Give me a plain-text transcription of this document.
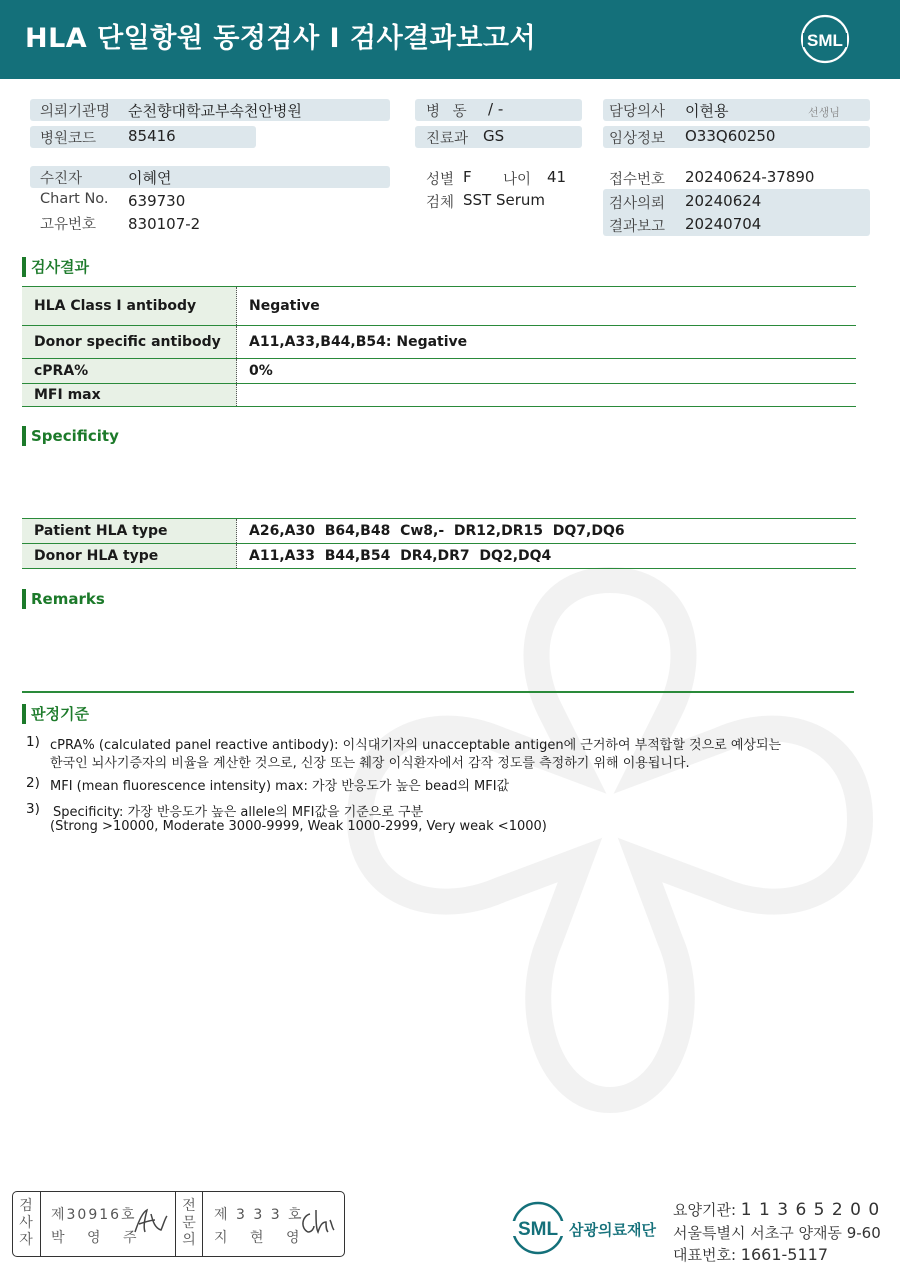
HLA 단일항원 동정검사 I 검사결과보고서	SML
의뢰기관명 순천향대학교부속천안병원
병원코드 85416
병 동 / -
진료과 GS
담당의사 이현용	선생님
임상정보 O33Q60250
수진자	이혜연
Chart No. 639730
고유번호 830107-2
성별 F 나이 41
검체 SST Serum
접수번호 20240624-37890
검사의뢰 20240624
결과보고 20240704
검사결과
HLA Class I antibody	Negative
Donor specific antibody	A11,A33,B44,B54: Negative
cPRA%	0%
MFI max
Specificity
Patient HLA type	A26,A30  B64,B48  Cw8,-  DR12,DR15  DQ7,DQ6
Donor HLA type	A11,A33  B44,B54  DR4,DR7  DQ2,DQ4
Remarks
판정기준
1) cPRA% (calculated panel reactive antibody): 이식대기자의 unacceptable antigen에 근거하여 부적합할 것으로 예상되는
한국인 뇌사기증자의 비율을 계산한 것으로, 신장 또는 췌장 이식환자에서 감작 정도를 측정하기 위해 이용됩니다.
2) MFI (mean fluorescence intensity) max: 가장 반응도가 높은 bead의 MFI값
3) Specificity: 가장 반응도가 높은 allele의 MFI값을 기준으로 구분
(Strong >10000, Moderate 3000-9999, Weak 1000-2999, Very weak <1000)
검사자
제30916호
박 영 주
전문의
제 3 3 3 호
지 현 영	SML 삼광의료재단
요양기관: 1 1 3 6 5 2 0 0
서울특별시 서초구 양재동 9-60
대표번호: 1661-5117
